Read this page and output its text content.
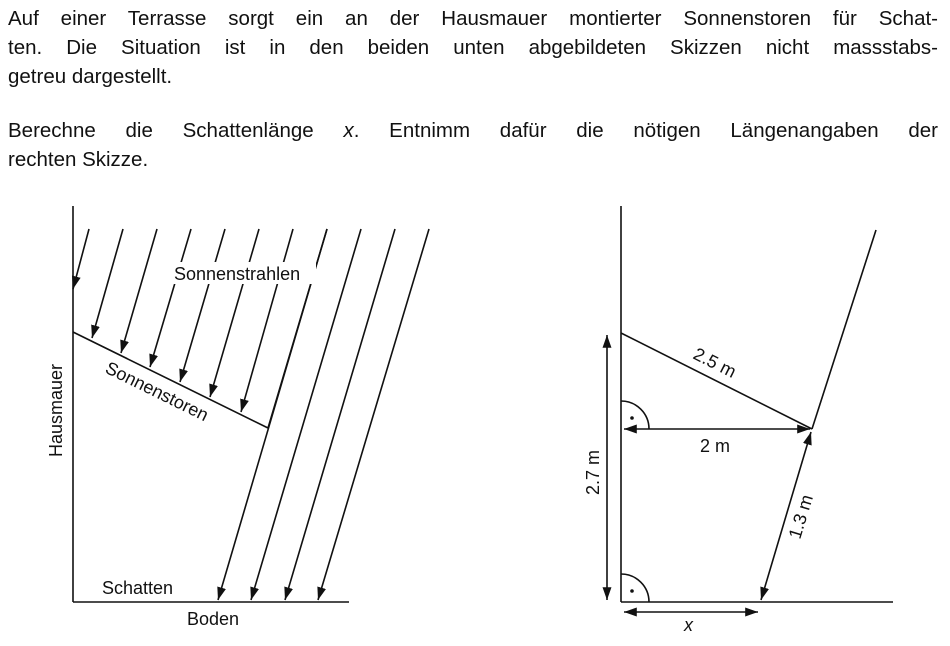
Auf einer Terrasse sorgt ein an der Hausmauer montierter Sonnenstoren für Schat-
ten. Die Situation ist in den beiden unten abgebildeten Skizzen nicht massstabs-
getreu dargestellt.
Berechne die Schattenlänge x. Entnimm dafür die nötigen Längenangaben der
rechten Skizze.
Sonnenstrahlen
Sonnenstoren
Hausmauer
Schatten
Boden
2.5 m
2 m
2.7 m
1.3 m
x
